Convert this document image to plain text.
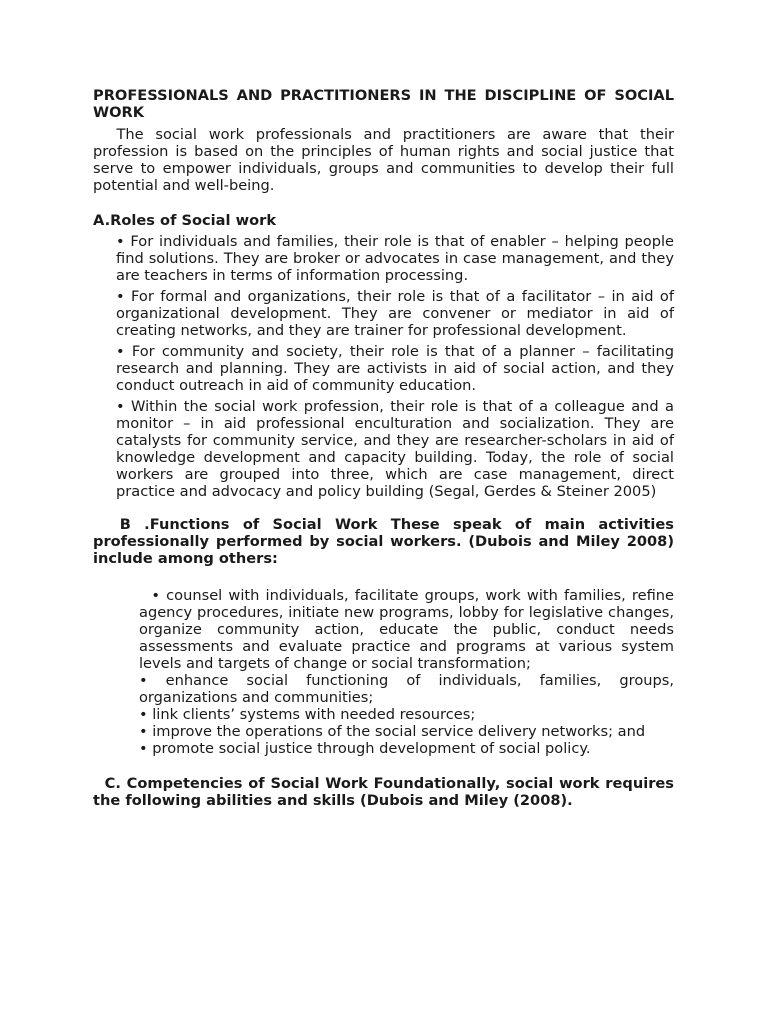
PROFESSIONALS AND PRACTITIONERS IN THE DISCIPLINE OF SOCIAL WORK

The social work professionals and practitioners are aware that their profession is based on the principles of human rights and social justice that serve to empower individuals, groups and communities to develop their full potential and well-being.

A.Roles of Social work

• For individuals and families, their role is that of enabler – helping people find solutions. They are broker or advocates in case management, and they are teachers in terms of information processing.

• For formal and organizations, their role is that of a facilitator – in aid of organizational development. They are convener or mediator in aid of creating networks, and they are trainer for professional development.

• For community and society, their role is that of a planner – facilitating research and planning. They are activists in aid of social action, and they conduct outreach in aid of community education.

• Within the social work profession, their role is that of a colleague and a monitor – in aid professional enculturation and socialization. They are catalysts for community service, and they are researcher-scholars in aid of knowledge development and capacity building. Today, the role of social workers are grouped into three, which are case management, direct practice and advocacy and policy building (Segal, Gerdes & Steiner 2005)

B .Functions of Social Work These speak of main activities professionally performed by social workers. (Dubois and Miley 2008) include among others:

• counsel with individuals, facilitate groups, work with families, refine agency procedures, initiate new programs, lobby for legislative changes, organize community action, educate the public, conduct needs assessments and evaluate practice and programs at various system levels and targets of change or social transformation;

• enhance social functioning of individuals, families, groups, organizations and communities;

• link clients’ systems with needed resources;

• improve the operations of the social service delivery networks; and

• promote social justice through development of social policy.

C. Competencies of Social Work Foundationally, social work requires the following abilities and skills (Dubois and Miley (2008).
